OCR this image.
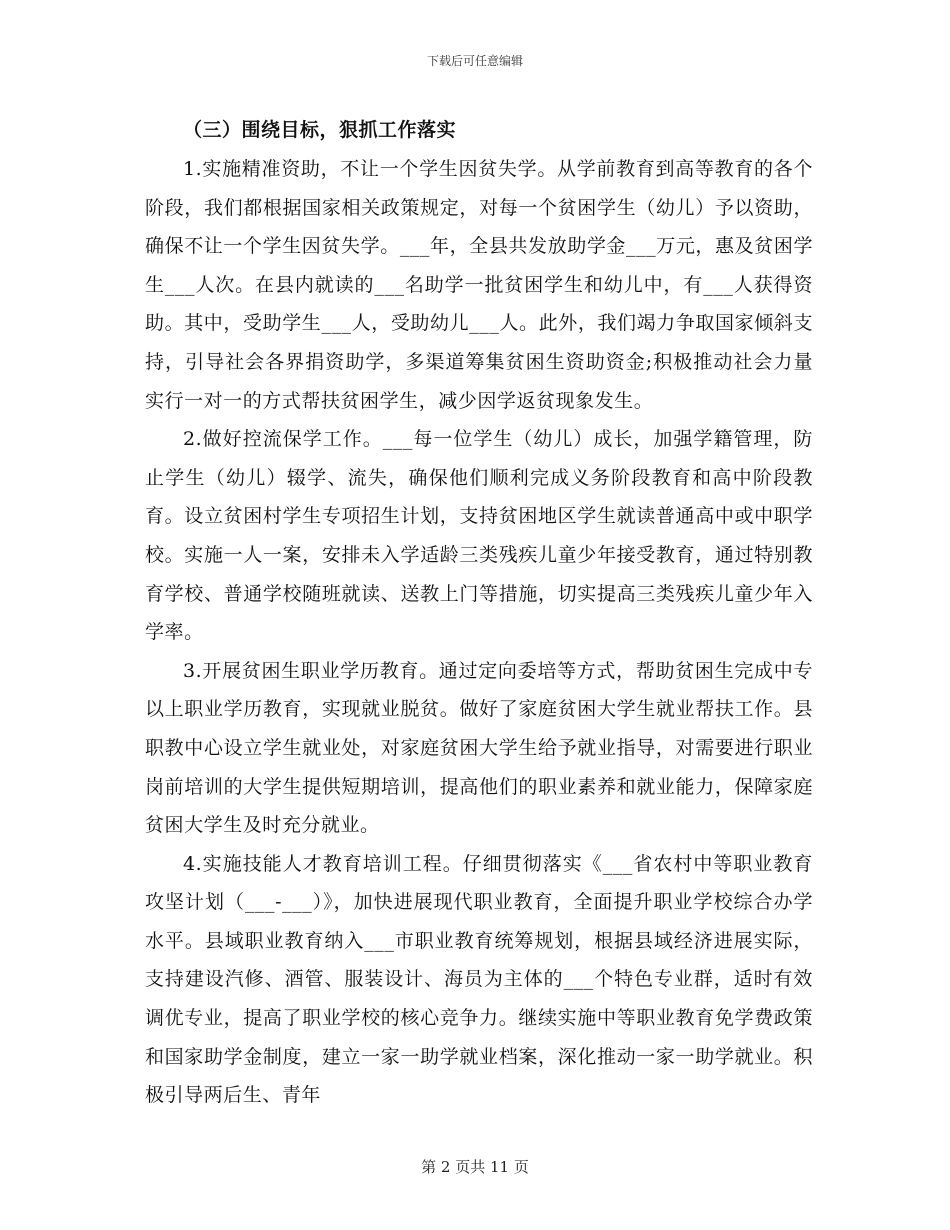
下载后可任意编辑

（三）围绕目标，狠抓工作落实

1.实施精准资助，不让一个学生因贫失学。从学前教育到高等教育的各个阶段，我们都根据国家相关政策规定，对每一个贫困学生（幼儿）予以资助，确保不让一个学生因贫失学。___年，全县共发放助学金___万元，惠及贫困学生___人次。在县内就读的___名助学一批贫困学生和幼儿中，有___人获得资助。其中，受助学生___人，受助幼儿___人。此外，我们竭力争取国家倾斜支持，引导社会各界捐资助学，多渠道筹集贫困生资助资金;积极推动社会力量实行一对一的方式帮扶贫困学生，减少因学返贫现象发生。

2.做好控流保学工作。___每一位学生（幼儿）成长，加强学籍管理，防止学生（幼儿）辍学、流失，确保他们顺利完成义务阶段教育和高中阶段教育。设立贫困村学生专项招生计划，支持贫困地区学生就读普通高中或中职学校。实施一人一案，安排未入学适龄三类残疾儿童少年接受教育，通过特别教育学校、普通学校随班就读、送教上门等措施，切实提高三类残疾儿童少年入学率。

3.开展贫困生职业学历教育。通过定向委培等方式，帮助贫困生完成中专以上职业学历教育，实现就业脱贫。做好了家庭贫困大学生就业帮扶工作。县职教中心设立学生就业处，对家庭贫困大学生给予就业指导，对需要进行职业岗前培训的大学生提供短期培训，提高他们的职业素养和就业能力，保障家庭贫困大学生及时充分就业。

4.实施技能人才教育培训工程。仔细贯彻落实《___省农村中等职业教育攻坚计划（___-___）》，加快进展现代职业教育，全面提升职业学校综合办学水平。县域职业教育纳入___市职业教育统筹规划，根据县域经济进展实际，支持建设汽修、酒管、服装设计、海员为主体的___个特色专业群，适时有效调优专业，提高了职业学校的核心竞争力。继续实施中等职业教育免学费政策和国家助学金制度，建立一家一助学就业档案，深化推动一家一助学就业。积极引导两后生、青年

第 2 页共 11 页
